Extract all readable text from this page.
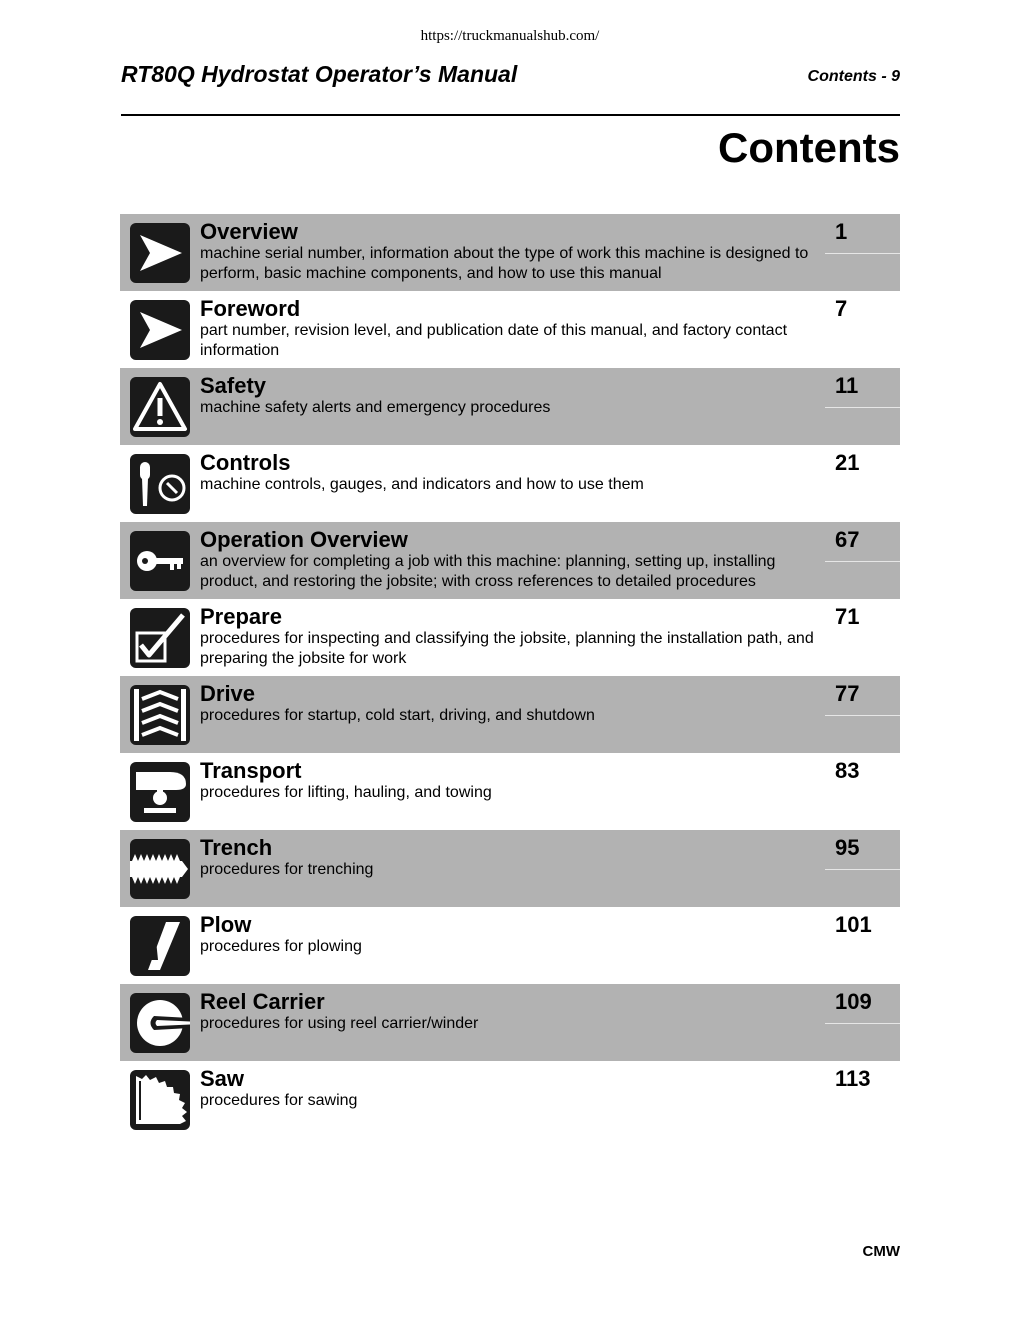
https://truckmanualshub.com/
RT80Q Hydrostat Operator’s Manual	Contents - 9
Contents
Overview
machine serial number, information about the type of work this machine is designed to perform, basic machine components, and how to use this manual
1
Foreword
part number, revision level, and publication date of this manual, and factory contact information
7
Safety
machine safety alerts and emergency procedures
11
Controls
machine controls, gauges, and indicators and how to use them
21
Operation Overview
an overview for completing a job with this machine: planning, setting up, installing product, and restoring the jobsite; with cross references to detailed procedures
67
Prepare
procedures for inspecting and classifying the jobsite, planning the installation path, and preparing the jobsite for work
71
Drive
procedures for startup, cold start, driving, and shutdown
77
Transport
procedures for lifting, hauling, and towing
83
Trench
procedures for trenching
95
Plow
procedures for plowing
101
Reel Carrier
procedures for using reel carrier/winder
109
Saw
procedures for sawing
113
CMW
